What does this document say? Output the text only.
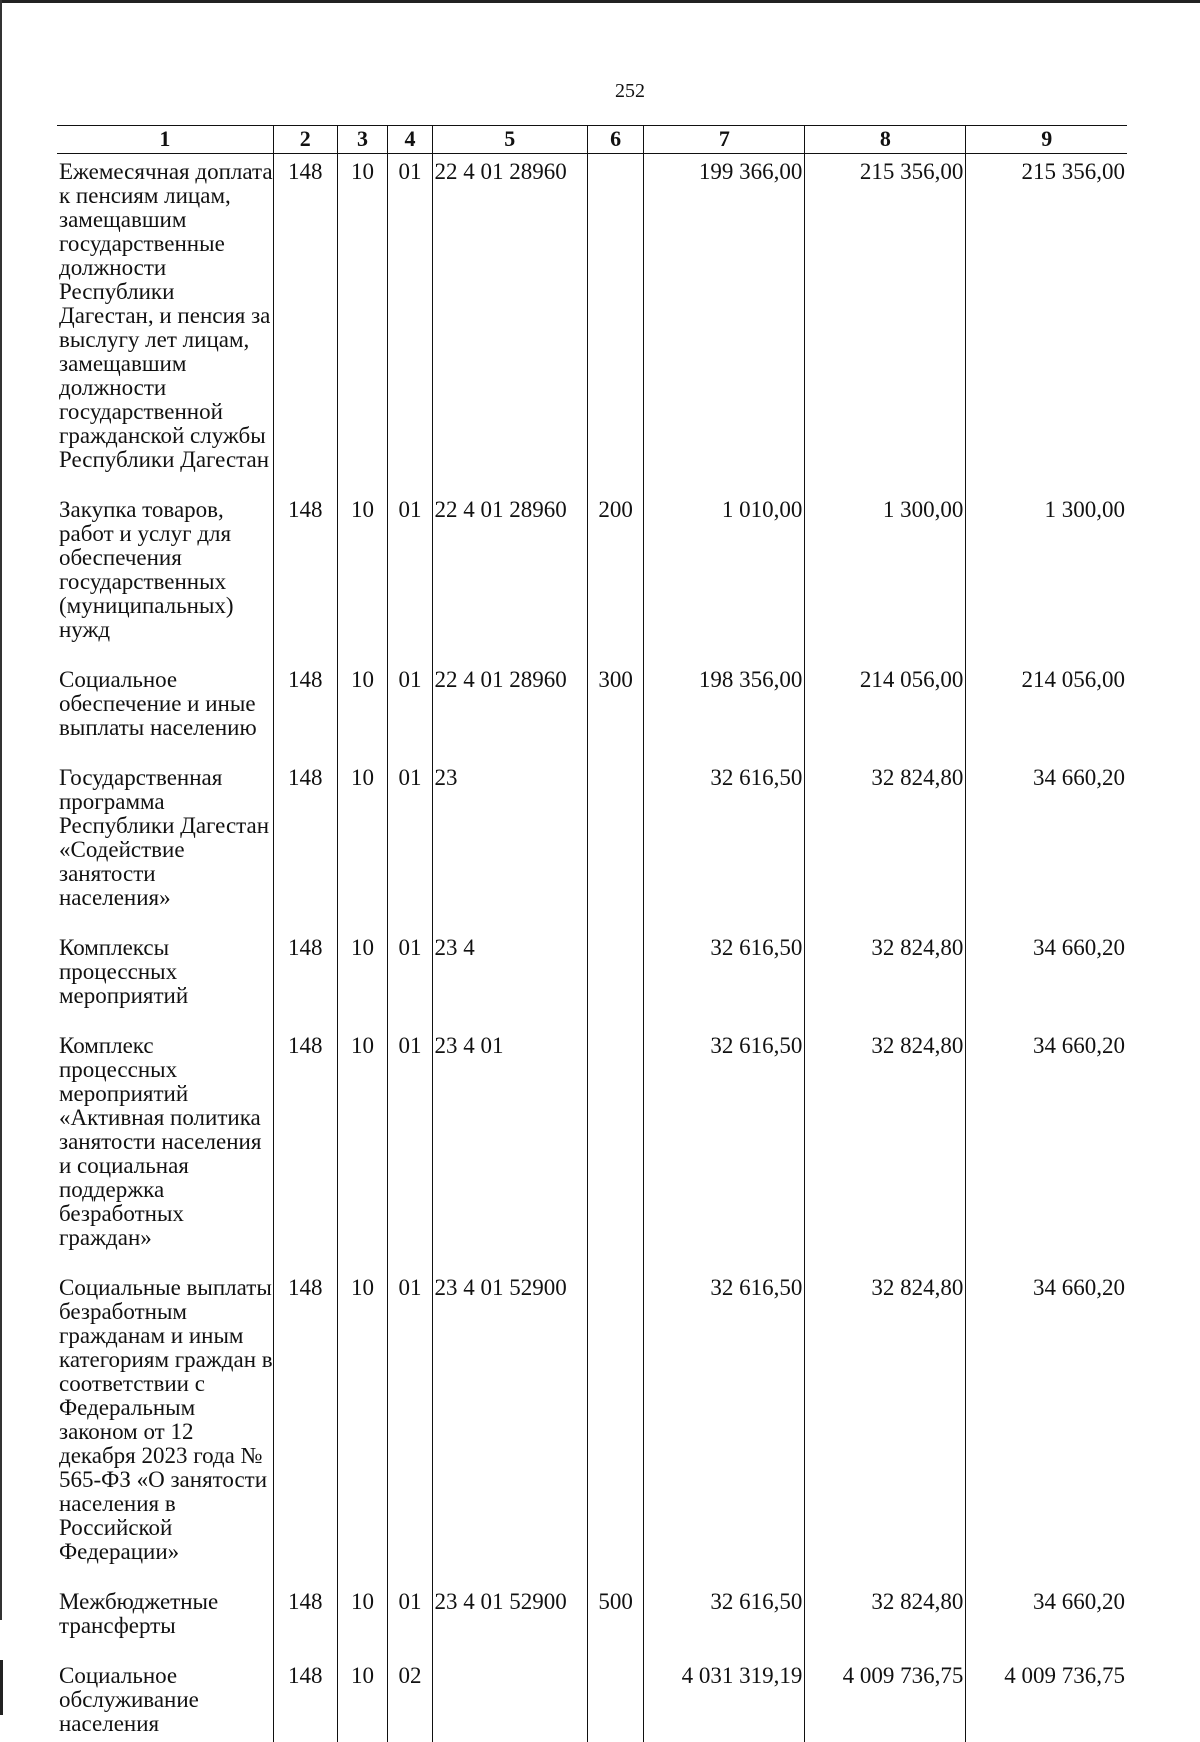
252
1	2	3	4	5	6	7	8	9
Ежемесячная доплата к пенсиям лицам, замещавшим государственные должности Республики Дагестан, и пенсия за выслугу лет лицам, замещавшим должности государственной гражданской службы Республики Дагестан	148	10	01	22 4 01 28960		199 366,00	215 356,00	215 356,00
Закупка товаров, работ и услуг для обеспечения государственных (муниципальных) нужд	148	10	01	22 4 01 28960	200	1 010,00	1 300,00	1 300,00
Социальное обеспечение и иные выплаты населению	148	10	01	22 4 01 28960	300	198 356,00	214 056,00	214 056,00
Государственная программа Республики Дагестан «Содействие занятости населения»	148	10	01	23		32 616,50	32 824,80	34 660,20
Комплексы процессных мероприятий	148	10	01	23 4		32 616,50	32 824,80	34 660,20
Комплекс процессных мероприятий «Активная политика занятости населения и социальная поддержка безработных граждан»	148	10	01	23 4 01		32 616,50	32 824,80	34 660,20
Социальные выплаты безработным гражданам и иным категориям граждан в соответствии с Федеральным законом от 12 декабря 2023 года № 565-ФЗ «О занятости населения в Российской Федерации»	148	10	01	23 4 01 52900		32 616,50	32 824,80	34 660,20
Межбюджетные трансферты	148	10	01	23 4 01 52900	500	32 616,50	32 824,80	34 660,20
Социальное обслуживание населения	148	10	02			4 031 319,19	4 009 736,75	4 009 736,75
